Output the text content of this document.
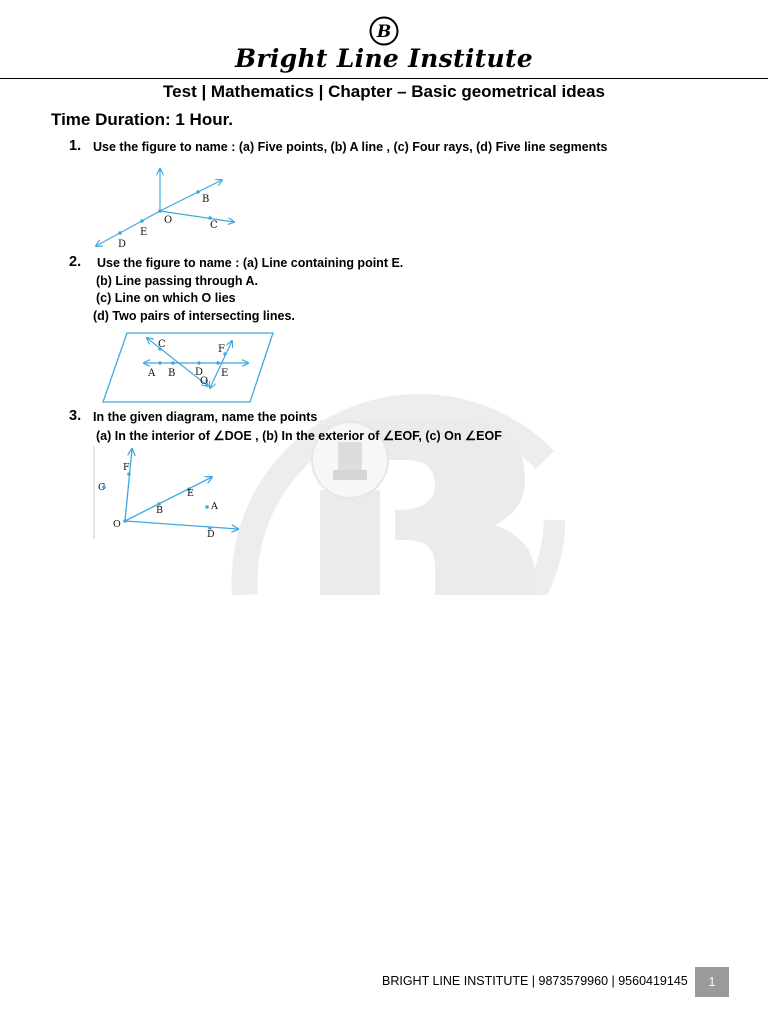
B
Bright Line Institute
Test | Mathematics | Chapter – Basic geometrical ideas
Time Duration: 1 Hour.
1. Use the figure to name : (a) Five points, (b) A line , (c) Four rays, (d) Five line segments
B
O	C
E
D
2. Use the figure to name : (a) Line containing point E.
(b) Line passing through A.
(c) Line on which O lies
(d) Two pairs of intersecting lines.
C	F
A B D E
O
3. In the given diagram, name the points
(a) In the interior of ∠DOE , (b) In the exterior of ∠EOF, (c) On ∠EOF
F
C
E
B	A
O
D
BRIGHT LINE INSTITUTE | 9873579960 | 9560419145	1
